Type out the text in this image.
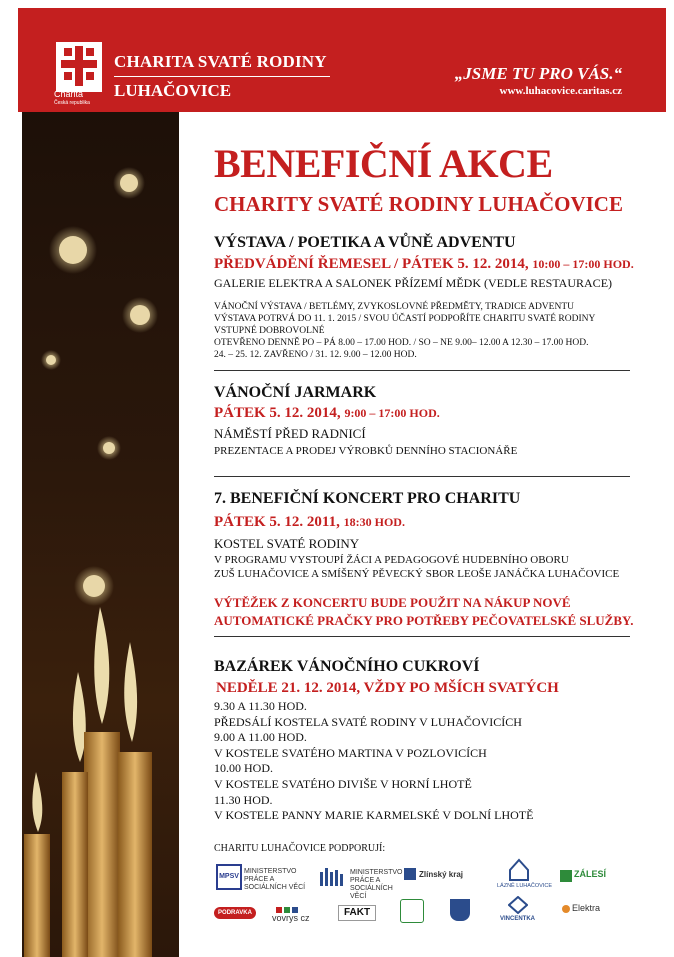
Charita
Česká republika
CHARITA SVATÉ RODINY
LUHAČOVICE
„JSME TU PRO VÁS.“
www.luhacovice.caritas.cz
BENEFIČNÍ AKCE
CHARITY SVATÉ RODINY LUHAČOVICE
VÝSTAVA / POETIKA A VŮNĚ ADVENTU
PŘEDVÁDĚNÍ ŘEMESEL / PÁTEK 5. 12. 2014, 10:00 – 17:00 HOD.
GALERIE ELEKTRA A SALONEK PŘÍZEMÍ MĚDK (VEDLE RESTAURACE)
VÁNOČNÍ VÝSTAVA / BETLÉMY, ZVYKOSLOVNÉ PŘEDMĚTY, TRADICE ADVENTU
VÝSTAVA POTRVÁ DO 11. 1. 2015 / SVOU ÚČASTÍ PODPOŘÍTE CHARITU SVATÉ RODINY
VSTUPNÉ DOBROVOLNÉ
OTEVŘENO DENNĚ PO – PÁ 8.00 – 17.00 HOD. / SO – NE 9.00– 12.00 A 12.30 – 17.00 HOD.
24. – 25. 12. ZAVŘENO / 31. 12. 9.00 – 12.00 HOD.
VÁNOČNÍ JARMARK
PÁTEK 5. 12. 2014, 9:00 – 17:00 HOD.
NÁMĚSTÍ PŘED RADNICÍ
PREZENTACE A PRODEJ VÝROBKŮ DENNÍHO STACIONÁŘE
7. BENEFIČNÍ KONCERT PRO CHARITU
PÁTEK 5. 12. 2011, 18:30 HOD.
KOSTEL SVATÉ RODINY
V PROGRAMU VYSTOUPÍ ŽÁCI A PEDAGOGOVÉ HUDEBNÍHO OBORU
ZUŠ LUHAČOVICE A SMÍŠENÝ PĚVECKÝ SBOR LEOŠE JANÁČKA LUHAČOVICE
VÝTĚŽEK Z KONCERTU BUDE POUŽIT NA NÁKUP NOVÉ
AUTOMATICKÉ PRAČKY PRO POTŘEBY PEČOVATELSKÉ SLUŽBY.
BAZÁREK VÁNOČNÍHO CUKROVÍ
NEDĚLE 21. 12. 2014, VŽDY PO MŠÍCH SVATÝCH
9.30 A 11.30 HOD.
PŘEDSÁLÍ KOSTELA SVATÉ RODINY V LUHAČOVICÍCH
9.00 A 11.00 HOD.
V KOSTELE SVATÉHO MARTINA V POZLOVICÍCH
10.00 HOD.
V KOSTELE SVATÉHO DIVIŠE V HORNÍ LHOTĚ
11.30 HOD.
V KOSTELE PANNY MARIE KARMELSKÉ V DOLNÍ LHOTĚ
CHARITU LUHAČOVICE PODPORUJÍ:
MPSV
MINISTERSTVO PRÁCE A SOCIÁLNÍCH VĚCÍ
MINISTERSTVO PRÁCE A SOCIÁLNÍCH VĚCÍ
Zlínský kraj
LÁZNĚ LUHAČOVICE
ZÁLESÍ
PODRAVKA	vovrys cz	FAKT
VINCENTKA
Elektra
